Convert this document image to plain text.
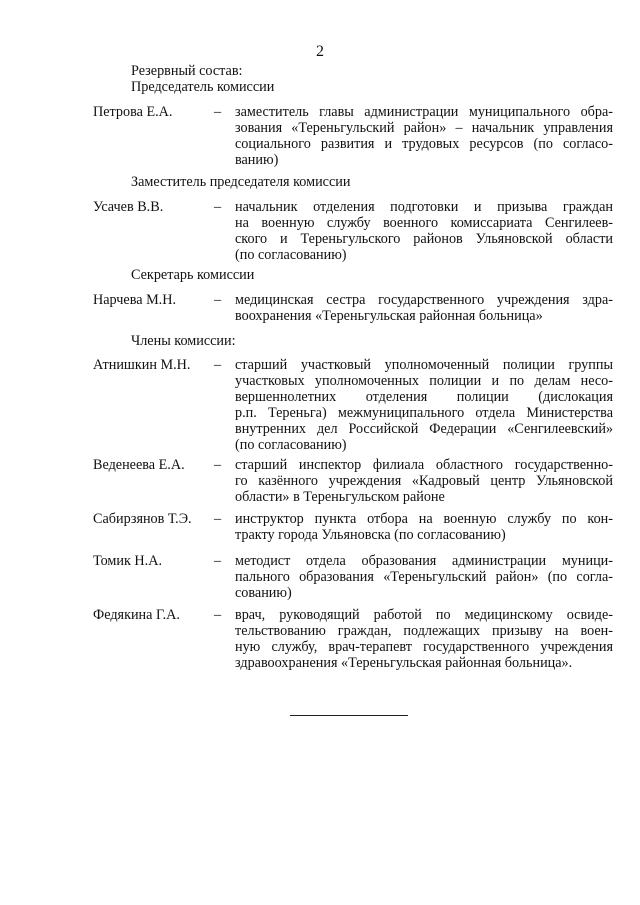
2
Резервный состав:
Председатель комиссии
Петрова Е.А.	– заместитель главы администрации муниципального обра-
зования «Тереньгульский район» – начальник управления
социального развития и трудовых ресурсов (по согласо-
ванию)
Заместитель председателя комиссии
Усачев В.В.	– начальник отделения подготовки и призыва граждан
на военную службу военного комиссариата Сенгилеев-
ского и Тереньгульского районов Ульяновской области
(по согласованию)
Секретарь комиссии
Нарчева М.Н.	– медицинская сестра государственного учреждения здра-
воохранения «Тереньгульская районная больница»
Члены комиссии:
Атнишкин М.Н. – старший участковый уполномоченный полиции группы
участковых уполномоченных полиции и по делам несо-
вершеннолетних отделения полиции (дислокация
р.п. Тереньга) межмуниципального отдела Министерства
внутренних дел Российской Федерации «Сенгилеевский»
(по согласованию)
Веденеева Е.А. – старший инспектор филиала областного государственно-
го казённого учреждения «Кадровый центр Ульяновской
области» в Тереньгульском районе
Сабирзянов Т.Э. – инструктор пункта отбора на военную службу по кон-
тракту города Ульяновска (по согласованию)
Томик Н.А.	– методист отдела образования администрации муници-
пального образования «Тереньгульский район» (по согла-
сованию)
Федякина Г.А. – врач, руководящий работой по медицинскому освиде-
тельствованию граждан, подлежащих призыву на воен-
ную службу, врач-терапевт государственного учреждения
здравоохранения «Тереньгульская районная больница».
